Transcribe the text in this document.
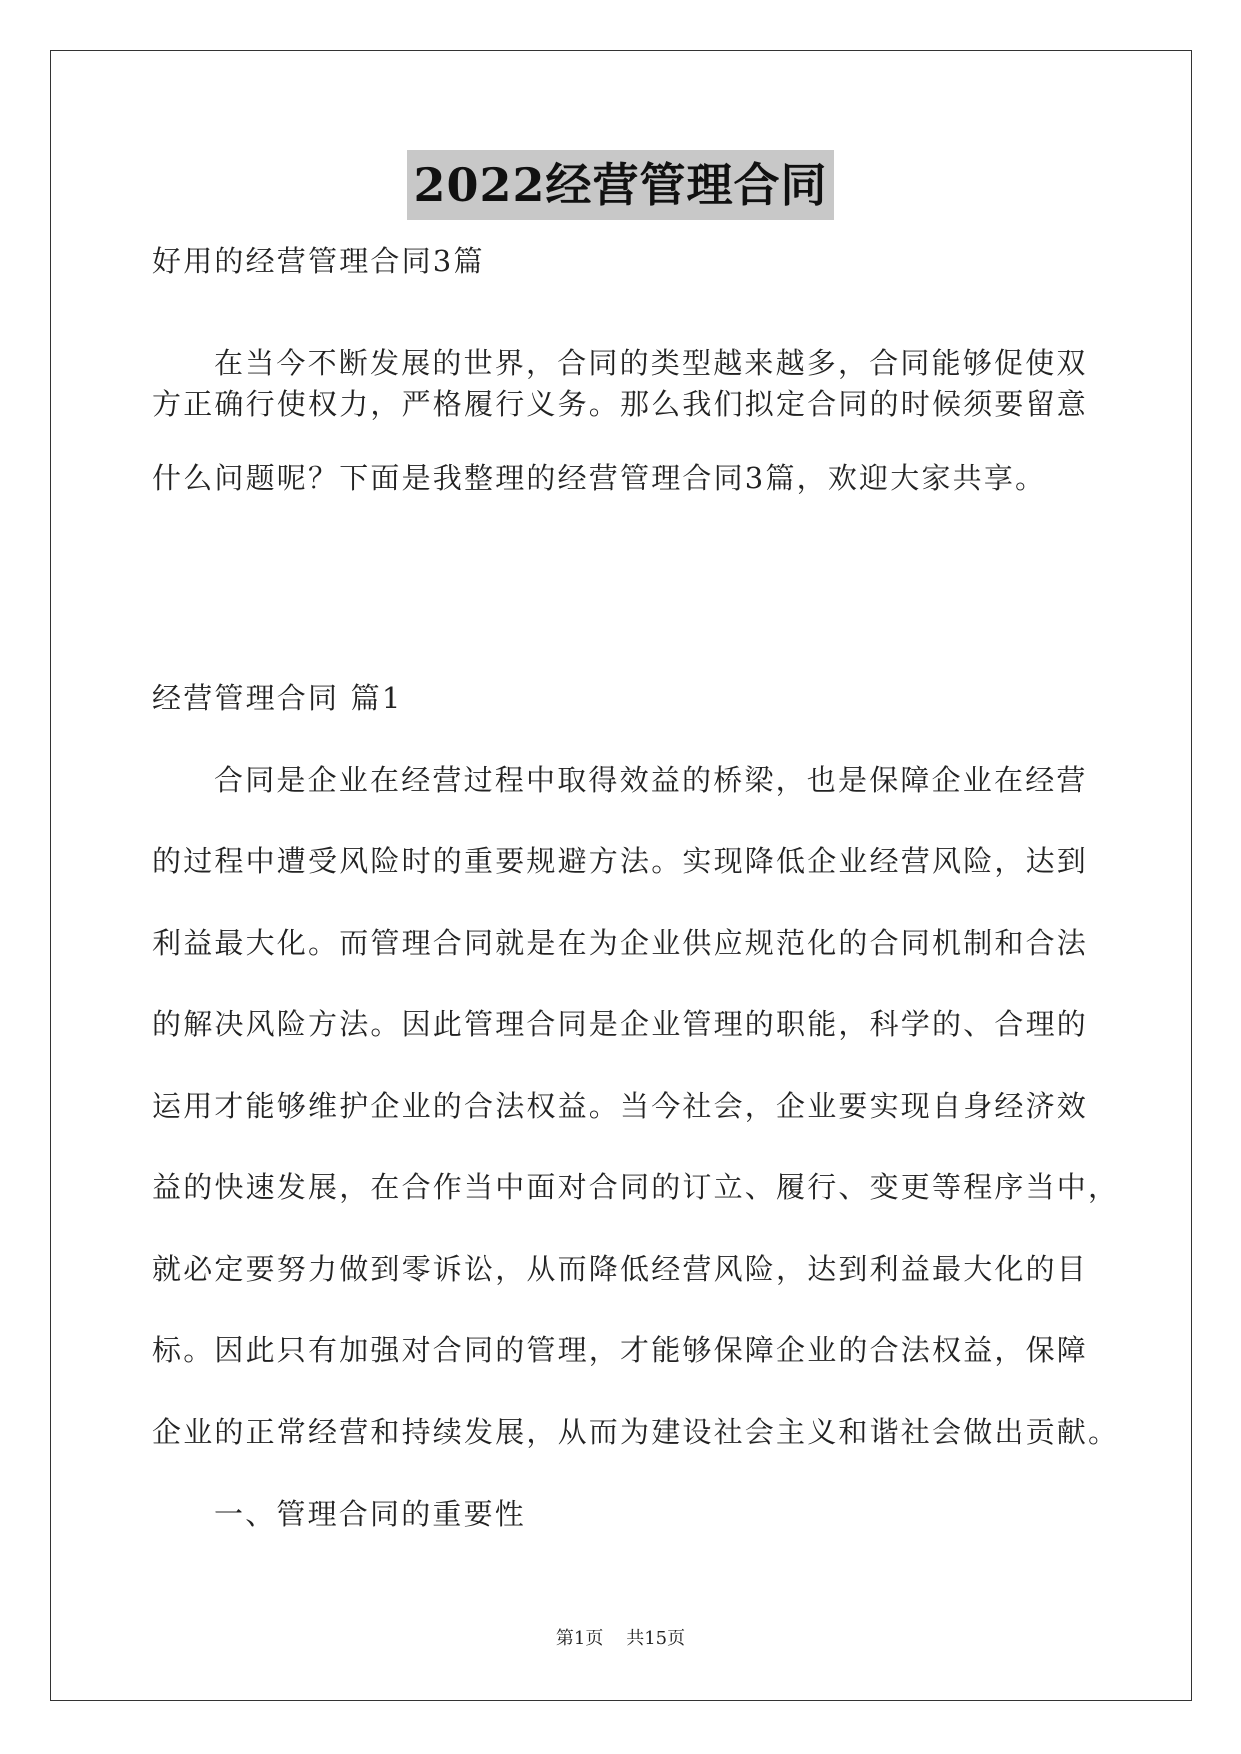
2022经营管理合同
好用的经营管理合同3篇
在当今不断发展的世界，合同的类型越来越多，合同能够促使双
方正确行使权力，严格履行义务。那么我们拟定合同的时候须要留意
什么问题呢？下面是我整理的经营管理合同3篇，欢迎大家共享。
经营管理合同 篇1
合同是企业在经营过程中取得效益的桥梁，也是保障企业在经营
的过程中遭受风险时的重要规避方法。实现降低企业经营风险，达到
利益最大化。而管理合同就是在为企业供应规范化的合同机制和合法
的解决风险方法。因此管理合同是企业管理的职能，科学的、合理的
运用才能够维护企业的合法权益。当今社会，企业要实现自身经济效
益的快速发展，在合作当中面对合同的订立、履行、变更等程序当中，
就必定要努力做到零诉讼，从而降低经营风险，达到利益最大化的目
标。因此只有加强对合同的管理，才能够保障企业的合法权益，保障
企业的正常经营和持续发展，从而为建设社会主义和谐社会做出贡献。
一、管理合同的重要性
第1页 共15页
